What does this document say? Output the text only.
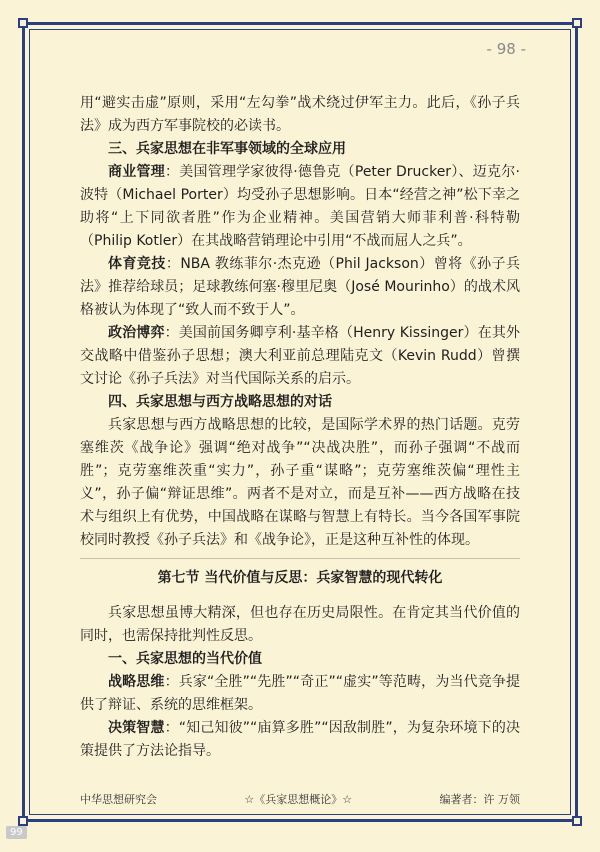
- 98 -

用“避实击虚”原则，采用“左勾拳”战术绕过伊军主力。此后，《孙子兵法》成为西方军事院校的必读书。

三、兵家思想在非军事领域的全球应用

商业管理：美国管理学家彼得·德鲁克（Peter Drucker）、迈克尔·波特（Michael Porter）均受孙子思想影响。日本“经营之神”松下幸之助将“上下同欲者胜”作为企业精神。美国营销大师菲利普·科特勒（Philip Kotler）在其战略营销理论中引用“不战而屈人之兵”。

体育竞技：NBA 教练菲尔·杰克逊（Phil Jackson）曾将《孙子兵法》推荐给球员；足球教练何塞·穆里尼奥（José Mourinho）的战术风格被认为体现了“致人而不致于人”。

政治博弈：美国前国务卿亨利·基辛格（Henry Kissinger）在其外交战略中借鉴孙子思想；澳大利亚前总理陆克文（Kevin Rudd）曾撰文讨论《孙子兵法》对当代国际关系的启示。

四、兵家思想与西方战略思想的对话

兵家思想与西方战略思想的比较，是国际学术界的热门话题。克劳塞维茨《战争论》强调“绝对战争”“决战决胜”，而孙子强调“不战而胜”；克劳塞维茨重“实力”，孙子重“谋略”；克劳塞维茨偏“理性主义”，孙子偏“辩证思维”。两者不是对立，而是互补——西方战略在技术与组织上有优势，中国战略在谋略与智慧上有特长。当今各国军事院校同时教授《孙子兵法》和《战争论》，正是这种互补性的体现。

第七节 当代价值与反思：兵家智慧的现代转化

兵家思想虽博大精深，但也存在历史局限性。在肯定其当代价值的同时，也需保持批判性反思。

一、兵家思想的当代价值

战略思维：兵家“全胜”“先胜”“奇正”“虚实”等范畴，为当代竞争提供了辩证、系统的思维框架。

决策智慧：“知己知彼”“庙算多胜”“因敌制胜”，为复杂环境下的决策提供了方法论指导。

中华思想研究会	☆《兵家思想概论》☆	编著者：许 万领
99
